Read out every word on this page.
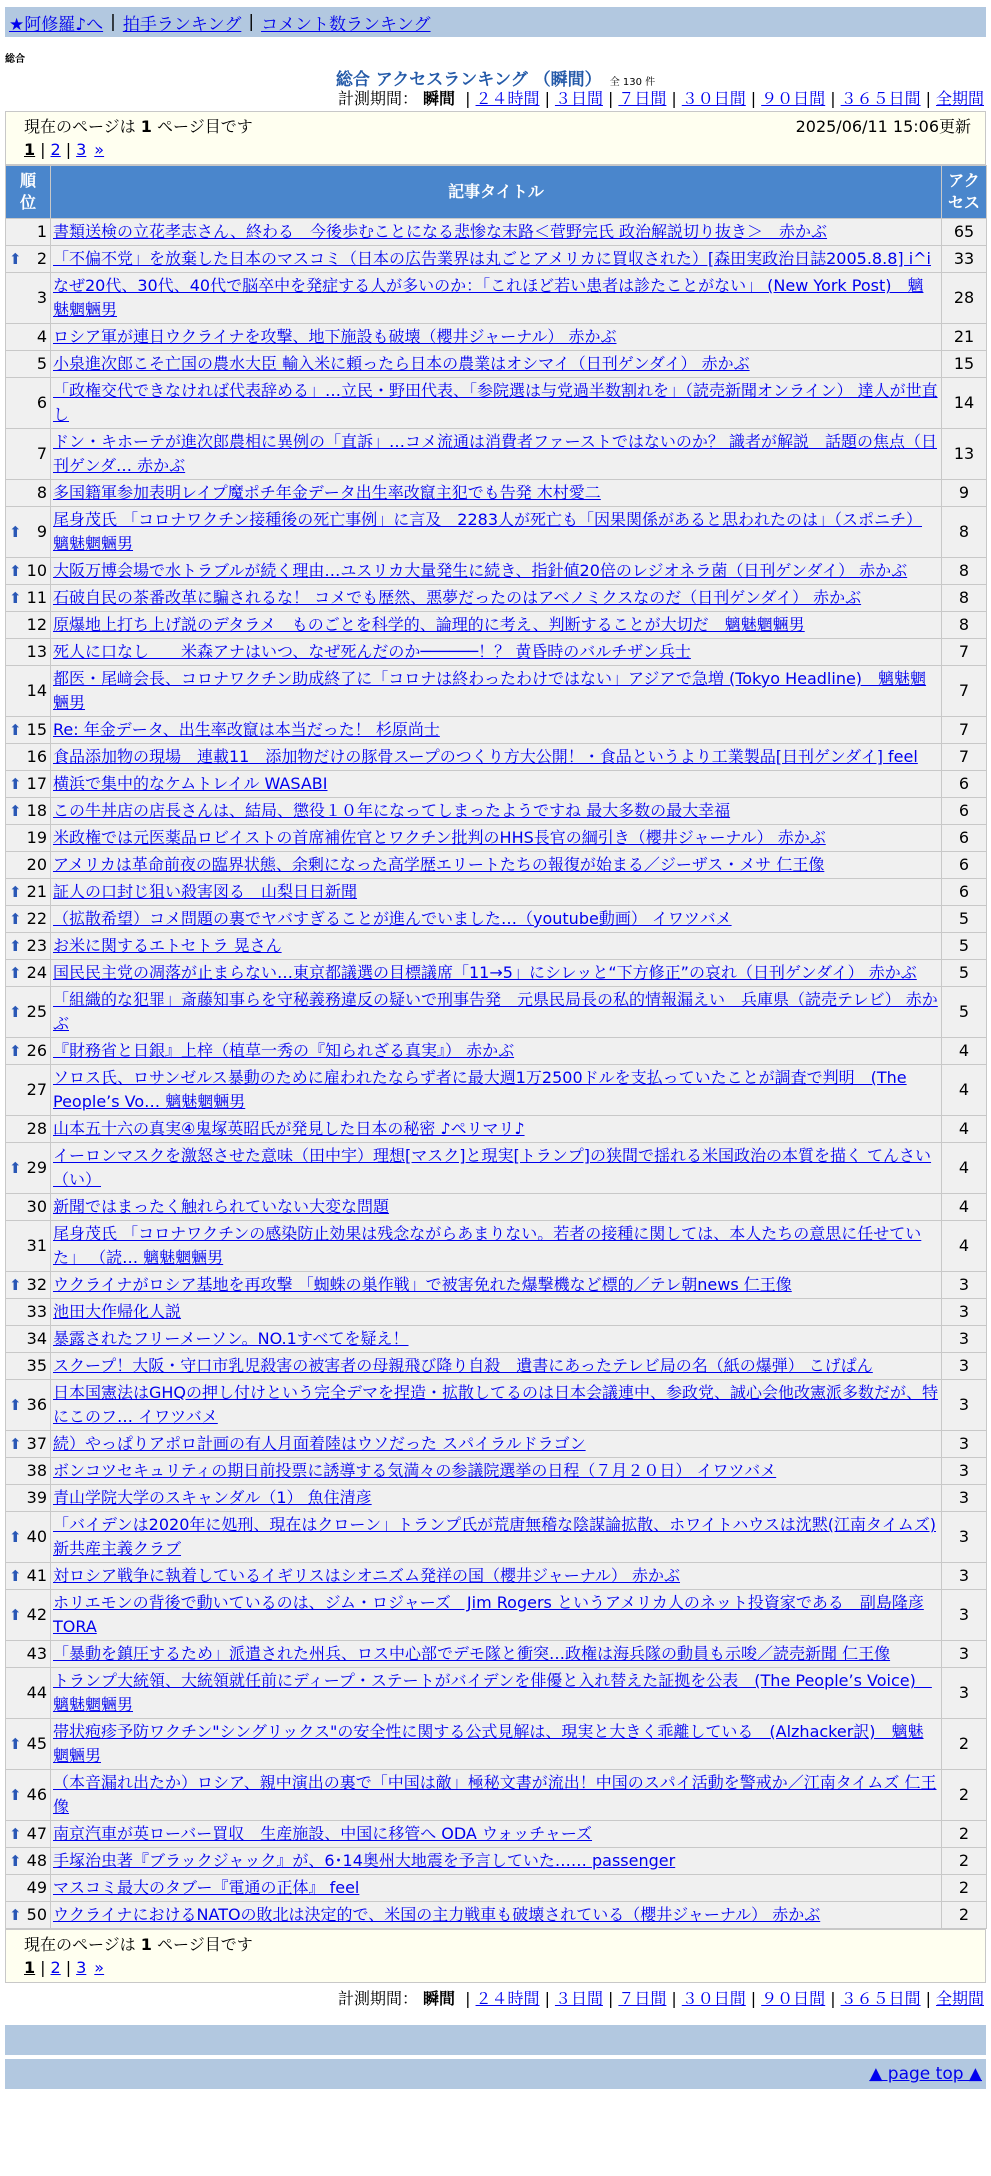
★阿修羅♪へ | 拍手ランキング | コメント数ランキング
総合
総合 アクセスランキング （瞬間） 全 130 件
計測期間： 瞬間 | ２４時間 | ３日間 | ７日間 | ３０日間 | ９０日間 | ３６５日間 | 全期間
現在のページは 1 ページ目です	2025/06/11 15:06更新
1 | 2 | 3 »
順位	記事タイトル	アクセス
1	書類送検の立花孝志さん、終わる　今後歩むことになる悲惨な末路＜菅野完氏 政治解説切り抜き＞　赤かぶ	65

⬆ 2	「不偏不党」を放棄した日本のマスコミ（日本の広告業界は丸ごとアメリカに買収された）[森田実政治日誌2005.8.8] i^i	33
3	なぜ20代、30代、40代で脳卒中を発症する人が多いのか：「これほど若い患者は診たことがない」 (New York Post)　魑魅魍魎男	28
4	ロシア軍が連日ウクライナを攻撃、地下施設も破壊（櫻井ジャーナル） 赤かぶ	21
5	小泉進次郎こそ亡国の農水大臣 輸入米に頼ったら日本の農業はオシマイ（日刊ゲンダイ） 赤かぶ	15
6	「政権交代できなければ代表辞める」…立民・野田代表、「参院選は与党過半数割れを」（読売新聞オンライン） 達人が世直し	14
7	ドン・キホーテが進次郎農相に異例の「直訴」…コメ流通は消費者ファーストではないのか？ 識者が解説　話題の焦点（日刊ゲンダ… 赤かぶ	13
8	多国籍軍参加表明レイプ魔ポチ年金データ出生率改竄主犯でも告発 木村愛二	9

⬆ 9	尾身茂氏 「コロナワクチン接種後の死亡事例」に言及　2283人が死亡も「因果関係があると思われたのは」（スポニチ） 魑魅魍魎男	8

⬆ 10	大阪万博会場で水トラブルが続く理由…ユスリカ大量発生に続き、指針値20倍のレジオネラ菌（日刊ゲンダイ） 赤かぶ	8

⬆ 11	石破自民の茶番改革に騙されるな！ コメでも歴然、悪夢だったのはアベノミクスなのだ（日刊ゲンダイ） 赤かぶ	8
12	原爆地上打ち上げ説のデタラメ　ものごとを科学的、論理的に考え、判断することが大切だ　魑魅魍魎男	8
13	死人に口なし　　米森アナはいつ、なぜ死んだのか──────！？ 黄昏時のバルチザン兵士	7
14	都医・尾﨑会長、コロナワクチン助成終了に「コロナは終わったわけではない」アジアで急増 (Tokyo Headline)　魑魅魍魎男	7

⬆ 15	Re: 年金データ、出生率改竄は本当だった！ 杉原尚士	7
16	食品添加物の現場　連載11　添加物だけの豚骨スープのつくり方大公開！・食品というより工業製品[日刊ゲンダイ] feel	7

⬆ 17	横浜で集中的なケムトレイル WASABI	6

⬆ 18	この牛丼店の店長さんは、結局、懲役１０年になってしまったようですね 最大多数の最大幸福	6
19	米政権では元医薬品ロビイストの首席補佐官とワクチン批判のHHS長官の綱引き（櫻井ジャーナル） 赤かぶ	6
20	アメリカは革命前夜の臨界状態、余剰になった高学歴エリートたちの報復が始まる／ジーザス・メサ 仁王像	6

⬆ 21	証人の口封じ狙い殺害図る　山梨日日新聞	6

⬆ 22	（拡散希望）コメ問題の裏でヤバすぎることが進んでいました…（youtube動画） イワツバメ	5

⬆ 23	お米に関するエトセトラ 晃さん	5

⬆ 24	国民民主党の凋落が止まらない…東京都議選の目標議席「11→5」にシレッと“下方修正”の哀れ（日刊ゲンダイ） 赤かぶ	5

⬆ 25	「組織的な犯罪」斎藤知事らを守秘義務違反の疑いで刑事告発　元県民局長の私的情報漏えい　兵庫県（読売テレビ） 赤かぶ	5

⬆ 26	『財務省と日銀』上梓（植草一秀の『知られざる真実』） 赤かぶ	4
27	ソロス氏、ロサンゼルス暴動のために雇われたならず者に最大週1万2500ドルを支払っていたことが調査で判明　(The People’s Vo… 魑魅魍魎男	4
28	山本五十六の真実④鬼塚英昭氏が発見した日本の秘密 ♪ペリマリ♪	4

⬆ 29	イーロンマスクを激怒させた意味（田中宇）理想[マスク]と現実[トランプ]の狭間で揺れる米国政治の本質を描く てんさい（い）	4
30	新聞ではまったく触れられていない大変な問題	4
31	尾身茂氏 「コロナワクチンの感染防止効果は残念ながらあまりない。若者の接種に関しては、本人たちの意思に任せていた」 （読… 魑魅魍魎男	4

⬆ 32	ウクライナがロシア基地を再攻撃 「蜘蛛の巣作戦」で被害免れた爆撃機など標的／テレ朝news 仁王像	3
33	池田大作帰化人説	3
34	暴露されたフリーメーソン。NO.1すべてを疑え！	3
35	スクープ！大阪・守口市乳児殺害の被害者の母親飛び降り自殺　遺書にあったテレビ局の名（紙の爆弾） こげぱん	3

⬆ 36	日本国憲法はGHQの押し付けという完全デマを捏造・拡散してるのは日本会議連中、参政党、誠心会他改憲派多数だが、特にこのフ… イワツバメ	3

⬆ 37	続）やっぱりアポロ計画の有人月面着陸はウソだった スパイラルドラゴン	3
38	ボンコツセキュリティの期日前投票に誘導する気満々の参議院選挙の日程（７月２０日） イワツバメ	3
39	青山学院大学のスキャンダル（1） 魚住清彦	3

⬆ 40	「バイデンは2020年に処刑、現在はクローン」トランプ氏が荒唐無稽な陰謀論拡散、ホワイトハウスは沈黙(江南タイムズ) 新共産主義クラブ	3

⬆ 41	対ロシア戦争に執着しているイギリスはシオニズム発祥の国（櫻井ジャーナル） 赤かぶ	3

⬆ 42	ホリエモンの背後で動いているのは、ジム・ロジャーズ　Jim Rogers というアメリカ人のネット投資家である　副島隆彦 TORA	3
43	「暴動を鎮圧するため」派遣された州兵、ロス中心部でデモ隊と衝突…政権は海兵隊の動員も示唆／読売新聞 仁王像	3
44	トランプ大統領、大統領就任前にディープ・ステートがバイデンを俳優と入れ替えた証拠を公表　(The People’s Voice)　魑魅魍魎男	3

⬆ 45	帯状疱疹予防ワクチン"シングリックス"の安全性に関する公式見解は、現実と大きく乖離している　(Alzhacker訳)　魑魅魍魎男	2

⬆ 46	（本音漏れ出たか）ロシア、親中演出の裏で「中国は敵」極秘文書が流出！中国のスパイ活動を警戒か／江南タイムズ 仁王像	2

⬆ 47	南京汽車が英ローバー買収　生産施設、中国に移管へ ODA ウォッチャーズ	2

⬆ 48	手塚治虫著『ブラックジャック』が、6･14奥州大地震を予言していた…… passenger	2
49	マスコミ最大のタブー『電通の正体』 feel	2

⬆ 50	ウクライナにおけるNATOの敗北は決定的で、米国の主力戦車も破壊されている（櫻井ジャーナル） 赤かぶ	2
現在のページは 1 ページ目です
1 | 2 | 3 »
計測期間： 瞬間 | ２４時間 | ３日間 | ７日間 | ３０日間 | ９０日間 | ３６５日間 | 全期間
▲ page top ▲
